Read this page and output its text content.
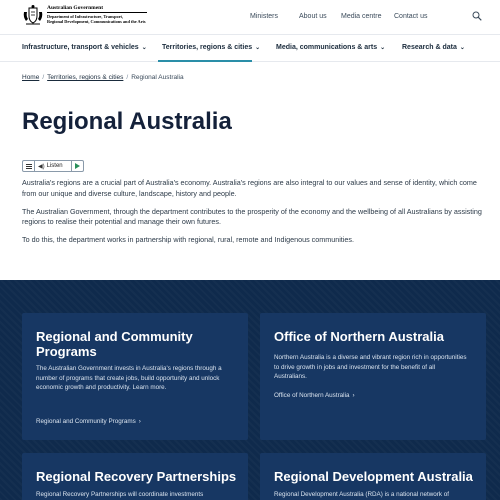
Australian Government
Department of Infrastructure, Transport,
Regional Development, Communications and the Arts
Ministers	About us Media centre Contact us
Infrastructure, transport & vehicles ⌄ Territories, regions & cities ⌄ Media, communications & arts ⌄ Research & data ⌄
Home / Territories, regions & cities / Regional Australia
Regional Australia
◀) Listen

Australia's regions are a crucial part of Australia's economy. Australia's regions are also integral to our values and sense of identity, which come from our unique and diverse culture, landscape, history and people.

The Australian Government, through the department contributes to the prosperity of the economy and the wellbeing of all Australians by assisting regions to realise their potential and manage their own futures.

To do this, the department works in partnership with regional, rural, remote and Indigenous communities.

Regional and Community Programs
The Australian Government invests in Australia's regions through a number of programs that create jobs, build opportunity and unlock economic growth and productivity. Learn more.
Regional and Community Programs ›
Office of Northern Australia
Northern Australia is a diverse and vibrant region rich in opportunities to drive growth in jobs and investment for the benefit of all Australians.
Office of Northern Australia ›
Regional Recovery Partnerships
Regional Recovery Partnerships will coordinate investments
Regional Development Australia
Regional Development Australia (RDA) is a national network of
